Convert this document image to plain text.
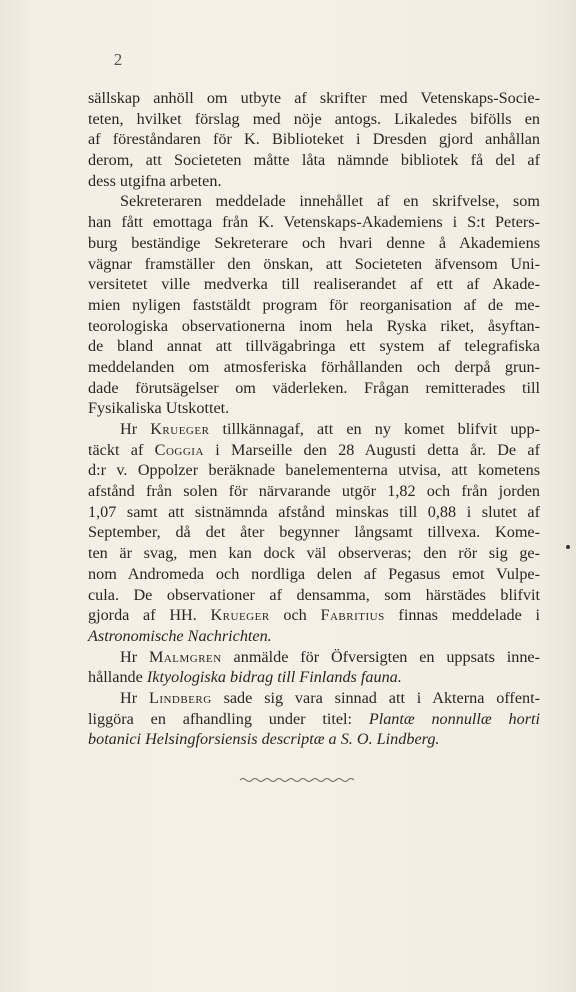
2
sällskap anhöll om utbyte af skrifter med Vetenskaps-Socie-
teten, hvilket förslag med nöje antogs. Likaledes bifölls en
af föreståndaren för K. Biblioteket i Dresden gjord anhållan
derom, att Societeten måtte låta nämnde bibliotek få del af
dess utgifna arbeten.
Sekreteraren meddelade innehållet af en skrifvelse, som
han fått emottaga från K. Vetenskaps-Akademiens i S:t Peters-
burg beständige Sekreterare och hvari denne å Akademiens
vägnar framställer den önskan, att Societeten äfvensom Uni-
versitetet ville medverka till realiserandet af ett af Akade-
mien nyligen faststäldt program för reorganisation af de me-
teorologiska observationerna inom hela Ryska riket, åsyftan-
de bland annat att tillvägabringa ett system af telegrafiska
meddelanden om atmosferiska förhållanden och derpå grun-
dade förutsägelser om väderleken. Frågan remitterades till
Fysikaliska Utskottet.
Hr Krueger tillkännagaf, att en ny komet blifvit upp-
täckt af Coggia i Marseille den 28 Augusti detta år. De af
d:r v. Oppolzer beräknade banelementerna utvisa, att kometens
afstånd från solen för närvarande utgör 1,82 och från jorden
1,07 samt att sistnämnda afstånd minskas till 0,88 i slutet af
September, då det åter begynner långsamt tillvexa. Kome-
ten är svag, men kan dock väl observeras; den rör sig ge-
nom Andromeda och nordliga delen af Pegasus emot Vulpe-
cula. De observationer af densamma, som härstädes blifvit
gjorda af HH. Krueger och Fabritius finnas meddelade i
Astronomische Nachrichten.
Hr Malmgren anmälde för Öfversigten en uppsats inne-
hållande Iktyologiska bidrag till Finlands fauna.
Hr Lindberg sade sig vara sinnad att i Akterna offent-
liggöra en afhandling under titel: Plantæ nonnullæ horti
botanici Helsingforsiensis descriptæ a S. O. Lindberg.
